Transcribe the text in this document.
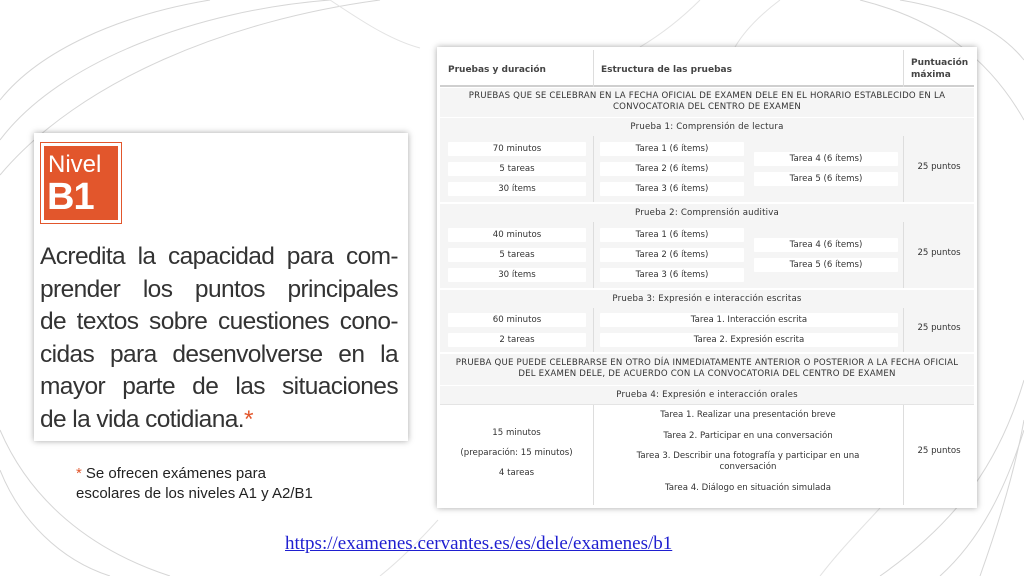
Nivel
B1
Acredita la capacidad para com-
prender los puntos principales
de textos sobre cuestiones cono-
cidas para desenvolverse en la
mayor parte de las situaciones
de la vida cotidiana.*
* Se ofrecen exámenes para
escolares de los niveles A1 y A2/B1
https://examenes.cervantes.es/es/dele/examenes/b1
Pruebas y duración	Estructura de las pruebas
Puntuación
máxima
PRUEBAS QUE SE CELEBRAN EN LA FECHA OFICIAL DE EXAMEN DELE EN EL HORARIO ESTABLECIDO EN LA
CONVOCATORIA DEL CENTRO DE EXAMEN
Prueba 1: Comprensión de lectura
70 minutos
5 tareas
30 ítems
Tarea 1 (6 ítems)
Tarea 2 (6 ítems)
Tarea 3 (6 ítems)
Tarea 4 (6 ítems)
Tarea 5 (6 ítems)
25 puntos
Prueba 2: Comprensión auditiva
40 minutos
5 tareas
30 ítems
Tarea 1 (6 ítems)
Tarea 2 (6 ítems)
Tarea 3 (6 ítems)
Tarea 4 (6 ítems)
Tarea 5 (6 ítems)
25 puntos
Prueba 3: Expresión e interacción escritas
60 minutos
2 tareas
Tarea 1. Interacción escrita
Tarea 2. Expresión escrita
25 puntos
PRUEBA QUE PUEDE CELEBRARSE EN OTRO DÍA INMEDIATAMENTE ANTERIOR O POSTERIOR A LA FECHA OFICIAL
DEL EXAMEN DELE, DE ACUERDO CON LA CONVOCATORIA DEL CENTRO DE EXAMEN
Prueba 4: Expresión e interacción orales
15 minutos
(preparación: 15 minutos)
4 tareas
Tarea 1. Realizar una presentación breve
Tarea 2. Participar en una conversación
Tarea 3. Describir una fotografía y participar en una
conversación
Tarea 4. Diálogo en situación simulada
25 puntos
